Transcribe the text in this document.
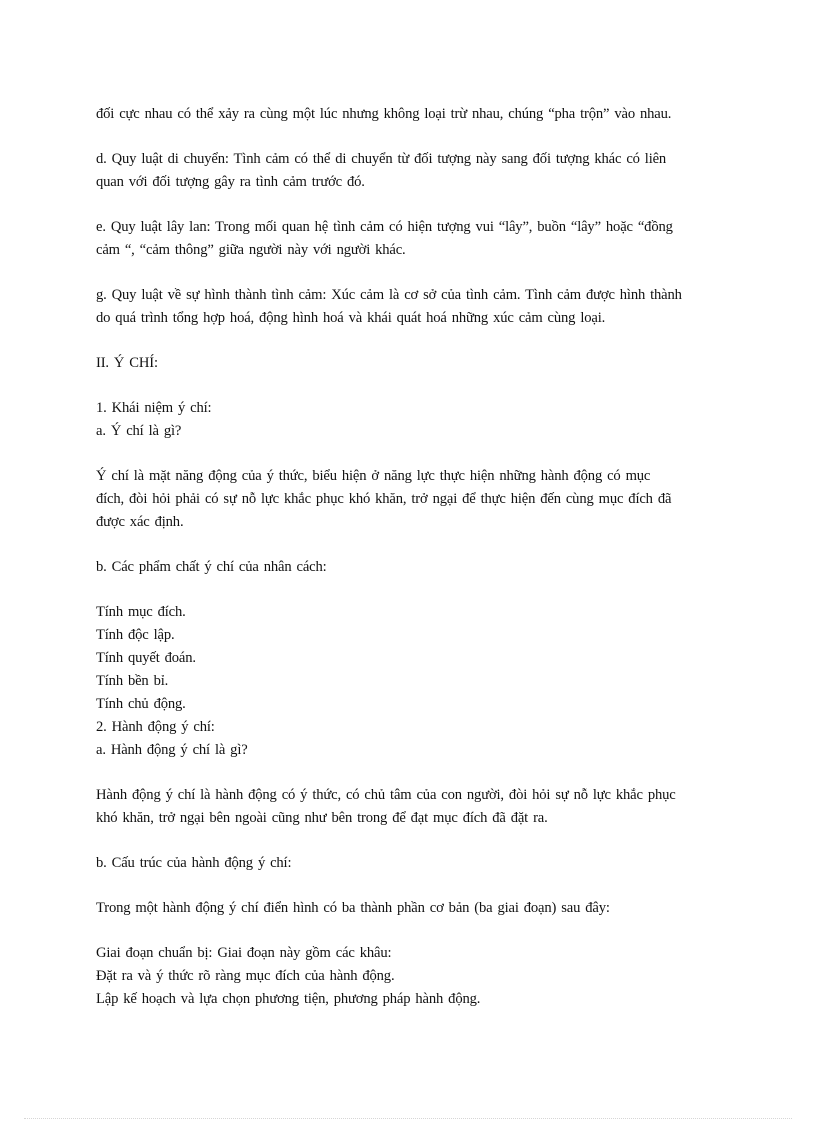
đối cực nhau có thể xảy ra cùng một lúc nhưng không loại trừ nhau, chúng “pha trộn” vào nhau.

d. Quy luật di chuyển: Tình cảm có thể di chuyển từ đối tượng này sang đối tượng khác có liên
quan với đối tượng gây ra tình cảm trước đó.

e. Quy luật lây lan: Trong mối quan hệ tình cảm có hiện tượng vui “lây”, buồn “lây” hoặc “đồng
cảm “, “cảm thông” giữa người này với người khác.

g. Quy luật về sự hình thành tình cảm: Xúc cảm là cơ sở của tình cảm. Tình cảm được hình thành
do quá trình tổng hợp hoá, động hình hoá và khái quát hoá những xúc cảm cùng loại.

II. Ý CHÍ:

1. Khái niệm ý chí:
a. Ý chí là gì?

Ý chí là mặt năng động của ý thức, biểu hiện ở năng lực thực hiện những hành động có mục
đích, đòi hỏi phải có sự nỗ lực khắc phục khó khăn, trở ngại để thực hiện đến cùng mục đích đã
được xác định.

b. Các phẩm chất ý chí của nhân cách:

Tính mục đích.
Tính độc lập.
Tính quyết đoán.
Tính bền bỉ.
Tính chủ động.
2. Hành động ý chí:
a. Hành động ý chí là gì?

Hành động ý chí là hành động có ý thức, có chủ tâm của con người, đòi hỏi sự nỗ lực khắc phục
khó khăn, trở ngại bên ngoài cũng như bên trong để đạt mục đích đã đặt ra.

b. Cấu trúc của hành động ý chí:

Trong một hành động ý chí điển hình có ba thành phần cơ bản (ba giai đoạn) sau đây:

Giai đoạn chuẩn bị: Giai đoạn này gồm các khâu:
Đặt ra và ý thức rõ ràng mục đích của hành động.
Lập kế hoạch và lựa chọn phương tiện, phương pháp hành động.
